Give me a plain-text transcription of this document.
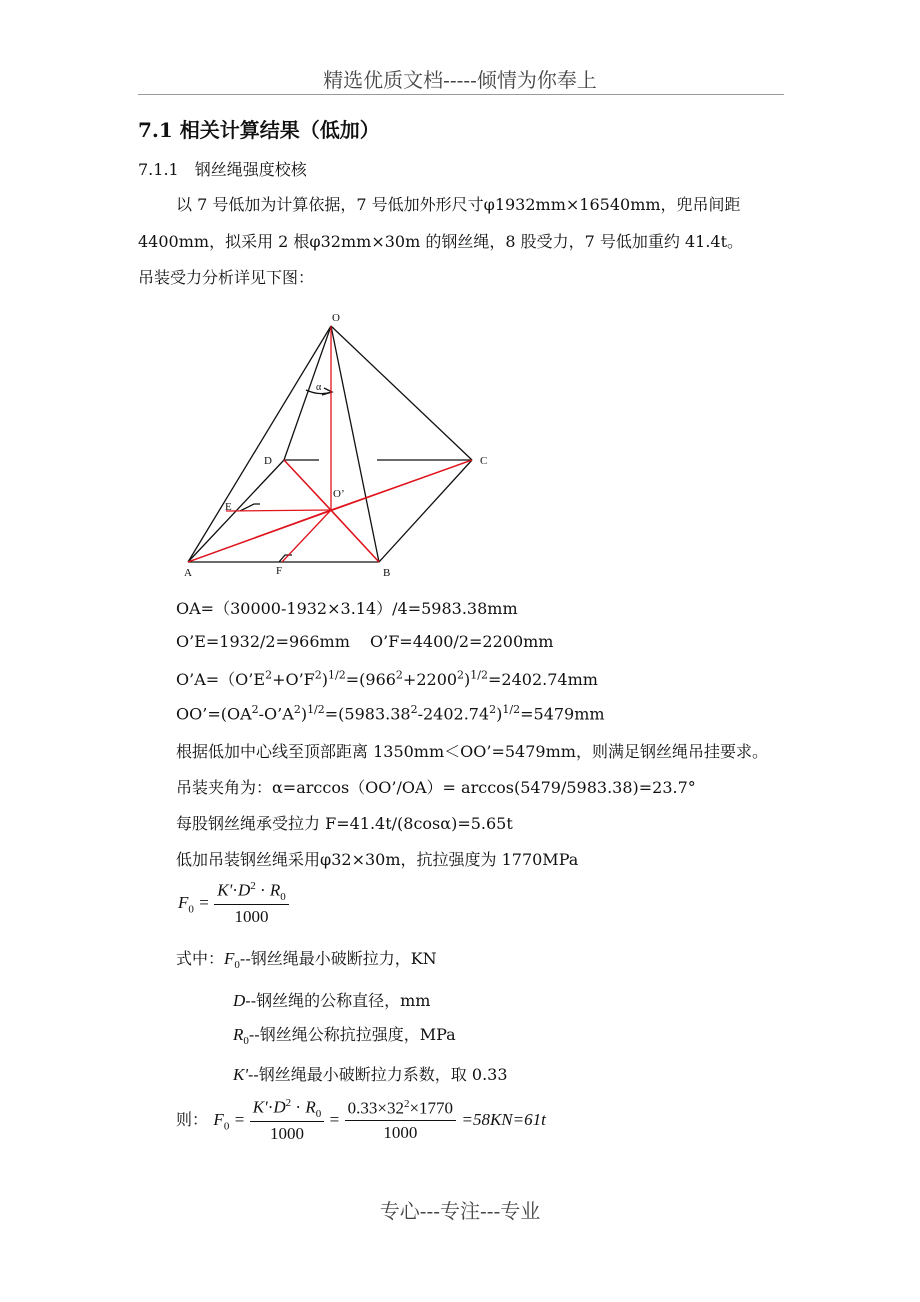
精选优质文档-----倾情为你奉上
7.1 相关计算结果（低加）
7.1.1　钢丝绳强度校核
以 7 号低加为计算依据，7 号低加外形尺寸φ1932mm×16540mm，兜吊间距
4400mm，拟采用 2 根φ32mm×30m 的钢丝绳，8 股受力，7 号低加重约 41.4t。
吊装受力分析详见下图：
O
α
D	C
O’
E
A	F	B
OA=（30000-1932×3.14）/4=5983.38mm
O’E=1932/2=966mm O’F=4400/2=2200mm
$O’A=(O’E^2+O’F^2)^{1/2}=(966^2+2200^2)^{1/2}=2402.74mm$
$OO’=(OA^2-O’A^2)^{1/2}=(5983.38^2-2402.74^2)^{1/2}=5479mm$
根据低加中心线至顶部距离 1350mm＜OO’=5479mm，则满足钢丝绳吊挂要求。
吊装夹角为：α=arccos（OO’/OA）= arccos(5479/5983.38)=23.7°
每股钢丝绳承受拉力 F=41.4t/(8cosα)=5.65t
低加吊装钢丝绳采用φ32×30m，抗拉强度为 1770MPa
$F_0 = \frac{K'\cdot D^2 \cdot R_0}{1000}$
式中：$F_0--$钢丝绳最小破断拉力，KN
D--钢丝绳的公称直径，mm
$R_0--$钢丝绳公称抗拉强度，MPa
K'--钢丝绳最小破断拉力系数，取 0.33
则： $F_0 = \frac{K'\cdot D^2 \cdot R_0}{1000} = \frac{0.33\times 32^2\times 1770}{1000} =58KN=61t$
专心---专注---专业
